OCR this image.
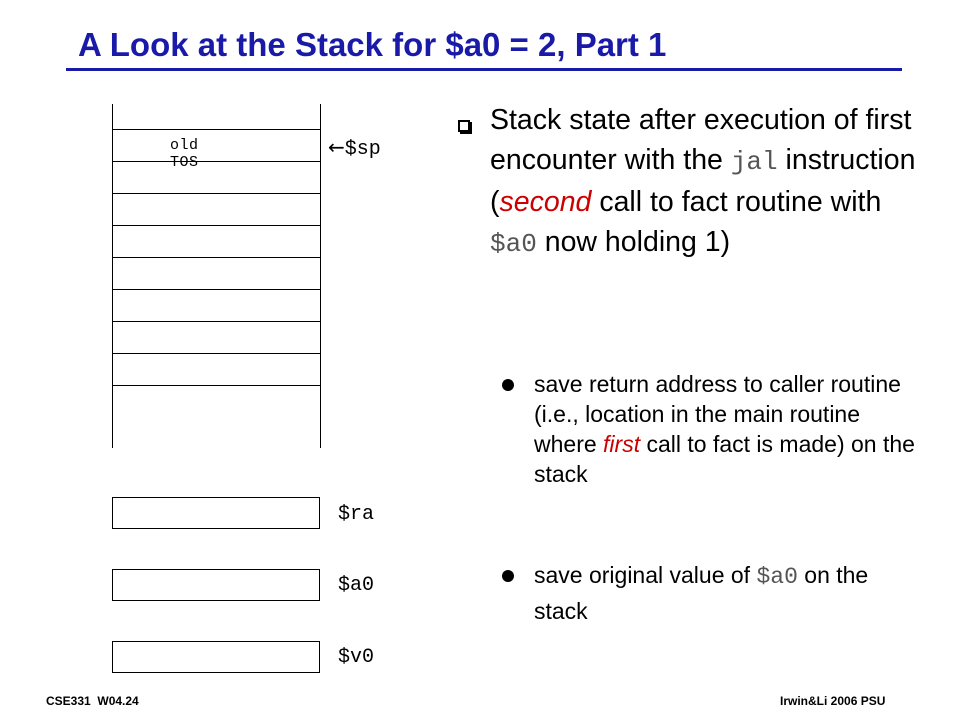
A Look at the Stack for $a0 = 2, Part 1
old TOS
←$sp
$ra
$a0
$v0
Stack state after execution of first encounter with the jal instruction (second call to fact routine with $a0 now holding 1)
save return address to caller routine (i.e., location in the main routine where first call to fact is made) on the stack
save original value of $a0 on the stack
CSE331  W04.24	Irwin&Li 2006 PSU
